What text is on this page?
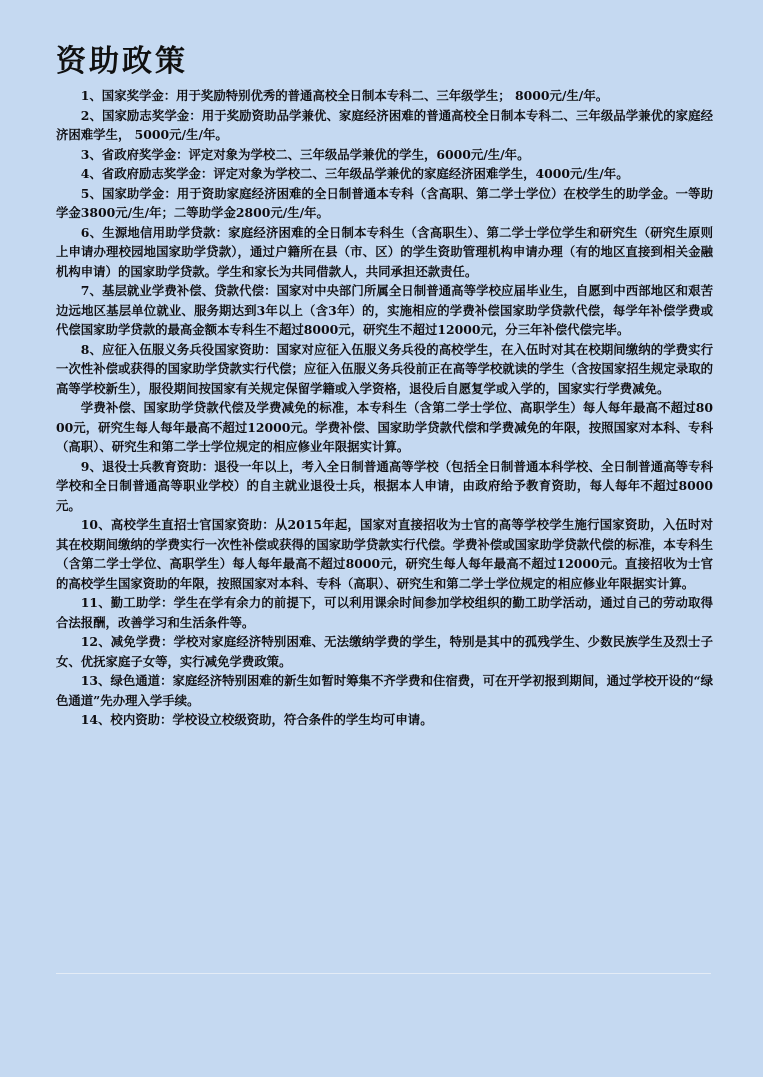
资助政策

1、国家奖学金：用于奖励特别优秀的普通高校全日制本专科二、三年级学生； 8000元/生/年。

2、国家励志奖学金：用于奖励资助品学兼优、家庭经济困难的普通高校全日制本专科二、三年级品学兼优的家庭经济困难学生， 5000元/生/年。

3、省政府奖学金：评定对象为学校二、三年级品学兼优的学生，6000元/生/年。

4、省政府励志奖学金：评定对象为学校二、三年级品学兼优的家庭经济困难学生，4000元/生/年。

5、国家助学金：用于资助家庭经济困难的全日制普通本专科（含高职、第二学士学位）在校学生的助学金。一等助学金3800元/生/年；二等助学金2800元/生/年。

6、生源地信用助学贷款：家庭经济困难的全日制本专科生（含高职生）、第二学士学位学生和研究生（研究生原则上申请办理校园地国家助学贷款），通过户籍所在县（市、区）的学生资助管理机构申请办理（有的地区直接到相关金融机构申请）的国家助学贷款。学生和家长为共同借款人，共同承担还款责任。

7、基层就业学费补偿、贷款代偿：国家对中央部门所属全日制普通高等学校应届毕业生，自愿到中西部地区和艰苦边远地区基层单位就业、服务期达到3年以上（含3年）的，实施相应的学费补偿国家助学贷款代偿，每学年补偿学费或代偿国家助学贷款的最高金额本专科生不超过8000元，研究生不超过12000元，分三年补偿代偿完毕。

8、应征入伍服义务兵役国家资助：国家对应征入伍服义务兵役的高校学生，在入伍时对其在校期间缴纳的学费实行一次性补偿或获得的国家助学贷款实行代偿；应征入伍服义务兵役前正在高等学校就读的学生（含按国家招生规定录取的高等学校新生），服役期间按国家有关规定保留学籍或入学资格，退役后自愿复学或入学的，国家实行学费减免。

学费补偿、国家助学贷款代偿及学费减免的标准，本专科生（含第二学士学位、高职学生）每人每年最高不超过8000元，研究生每人每年最高不超过12000元。学费补偿、国家助学贷款代偿和学费减免的年限，按照国家对本科、专科（高职）、研究生和第二学士学位规定的相应修业年限据实计算。

9、退役士兵教育资助：退役一年以上，考入全日制普通高等学校（包括全日制普通本科学校、全日制普通高等专科学校和全日制普通高等职业学校）的自主就业退役士兵，根据本人申请，由政府给予教育资助，每人每年不超过8000元。

10、高校学生直招士官国家资助：从2015年起，国家对直接招收为士官的高等学校学生施行国家资助，入伍时对其在校期间缴纳的学费实行一次性补偿或获得的国家助学贷款实行代偿。学费补偿或国家助学贷款代偿的标准，本专科生（含第二学士学位、高职学生）每人每年最高不超过8000元，研究生每人每年最高不超过12000元。直接招收为士官的高校学生国家资助的年限，按照国家对本科、专科（高职）、研究生和第二学士学位规定的相应修业年限据实计算。

11、勤工助学：学生在学有余力的前提下，可以利用课余时间参加学校组织的勤工助学活动，通过自己的劳动取得合法报酬，改善学习和生活条件等。

12、减免学费：学校对家庭经济特别困难、无法缴纳学费的学生，特别是其中的孤残学生、少数民族学生及烈士子女、优抚家庭子女等，实行减免学费政策。

13、绿色通道：家庭经济特别困难的新生如暂时筹集不齐学费和住宿费，可在开学初报到期间，通过学校开设的“绿色通道”先办理入学手续。

14、校内资助：学校设立校级资助，符合条件的学生均可申请。
